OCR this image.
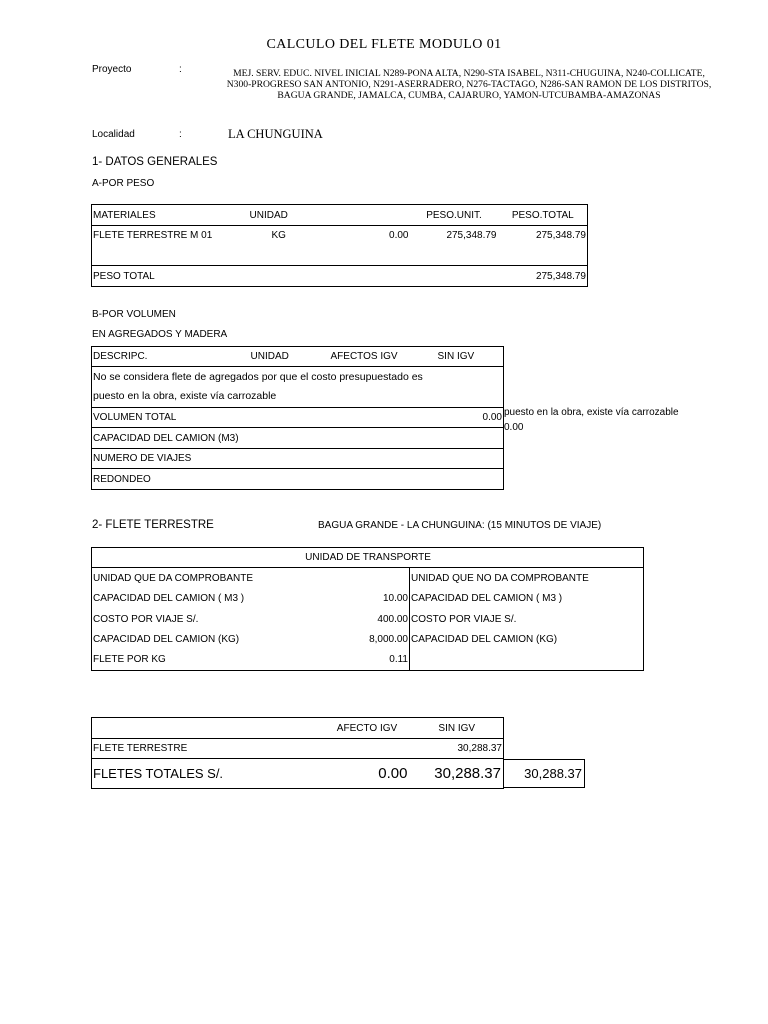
CALCULO DEL FLETE MODULO 01
Proyecto	:	MEJ. SERV. EDUC. NIVEL INICIAL N289-PONA ALTA, N290-STA ISABEL, N311-CHUGUINA, N240-COLLICATE, N300-PROGRESO SAN ANTONIO, N291-ASERRADERO, N276-TACTAGO, N286-SAN RAMON DE LOS DISTRITOS, BAGUA GRANDE, JAMALCA, CUMBA, CAJARURO, YAMON-UTCUBAMBA-AMAZONAS
Localidad	:	LA CHUNGUINA
1- DATOS GENERALES
A-POR PESO
MATERIALES	UNIDAD		PESO.UNIT.	PESO.TOTAL
FLETE TERRESTRE M 01	KG	0.00	275,348.79	275,348.79

PESO TOTAL				275,348.79
B-POR VOLUMEN
EN AGREGADOS Y MADERA
DESCRIPC.	UNIDAD	AFECTOS IGV	SIN IGV
No se considera flete de agregados por que el costo presupuestado es			
puesto en la obra, existe vía carrozable			
VOLUMEN TOTAL			0.00
CAPACIDAD DEL CAMION (M3)			
NUMERO DE VIAJES			
REDONDEO			
puesto en la obra, existe vía carrozable
0.00
2- FLETE TERRESTRE	BAGUA GRANDE - LA CHUNGUINA: (15 MINUTOS DE VIAJE)
UNIDAD DE TRANSPORTE		
UNIDAD QUE DA COMPROBANTE		UNIDAD QUE NO DA COMPROBANTE
CAPACIDAD DEL CAMION ( M3 )	10.00	CAPACIDAD DEL CAMION ( M3 )
COSTO POR VIAJE S/.	400.00	COSTO POR VIAJE S/.
CAPACIDAD DEL CAMION (KG)	8,000.00	CAPACIDAD DEL CAMION (KG)
FLETE POR KG	0.11	
	AFECTO IGV	SIN IGV
FLETE TERRESTRE		30,288.37
FLETES TOTALES S/.	0.00	30,288.37	30,288.37
